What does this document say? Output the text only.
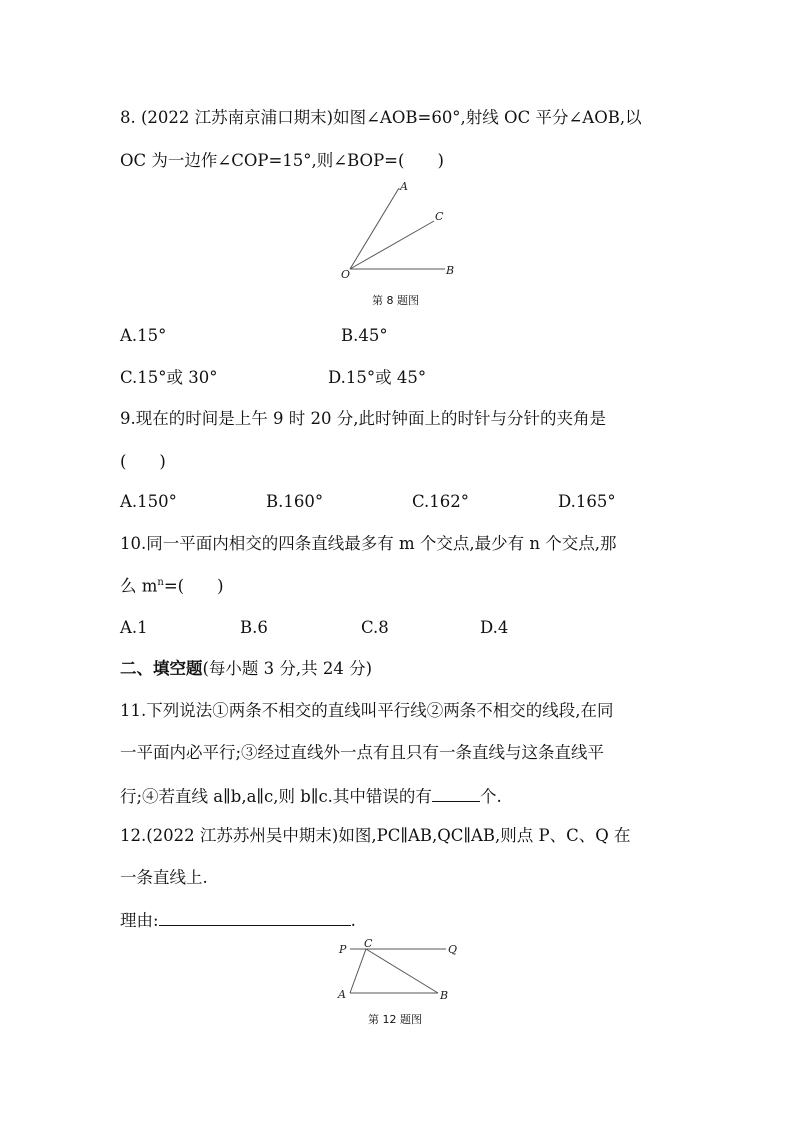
8. (2022 江苏南京浦口期末)如图∠AOB=60°,射线 OC 平分∠AOB,以
OC 为一边作∠COP=15°,则∠BOP=(　　)
A
C
O	B
第 8 题图
A.15°	B.45°
C.15°或 30°	D.15°或 45°
9.现在的时间是上午 9 时 20 分,此时钟面上的时针与分针的夹角是
(　　)
A.150°	B.160°	C.162°	D.165°
10.同一平面内相交的四条直线最多有 m 个交点,最少有 n 个交点,那
么 $m^n=$(　　)
A.1	B.6	C.8	D.4
二、填空题(每小题 3 分,共 24 分)
11.下列说法①两条不相交的直线叫平行线②两条不相交的线段,在同
一平面内必平行;③经过直线外一点有且只有一条直线与这条直线平
行;④若直线 a∥b,a∥c,则 b∥c.其中错误的有	个.
12.(2022 江苏苏州吴中期末)如图,PC∥AB,QC∥AB,则点 P、C、Q 在
一条直线上.
理由:	.
P C	Q
A	B
第 12 题图
